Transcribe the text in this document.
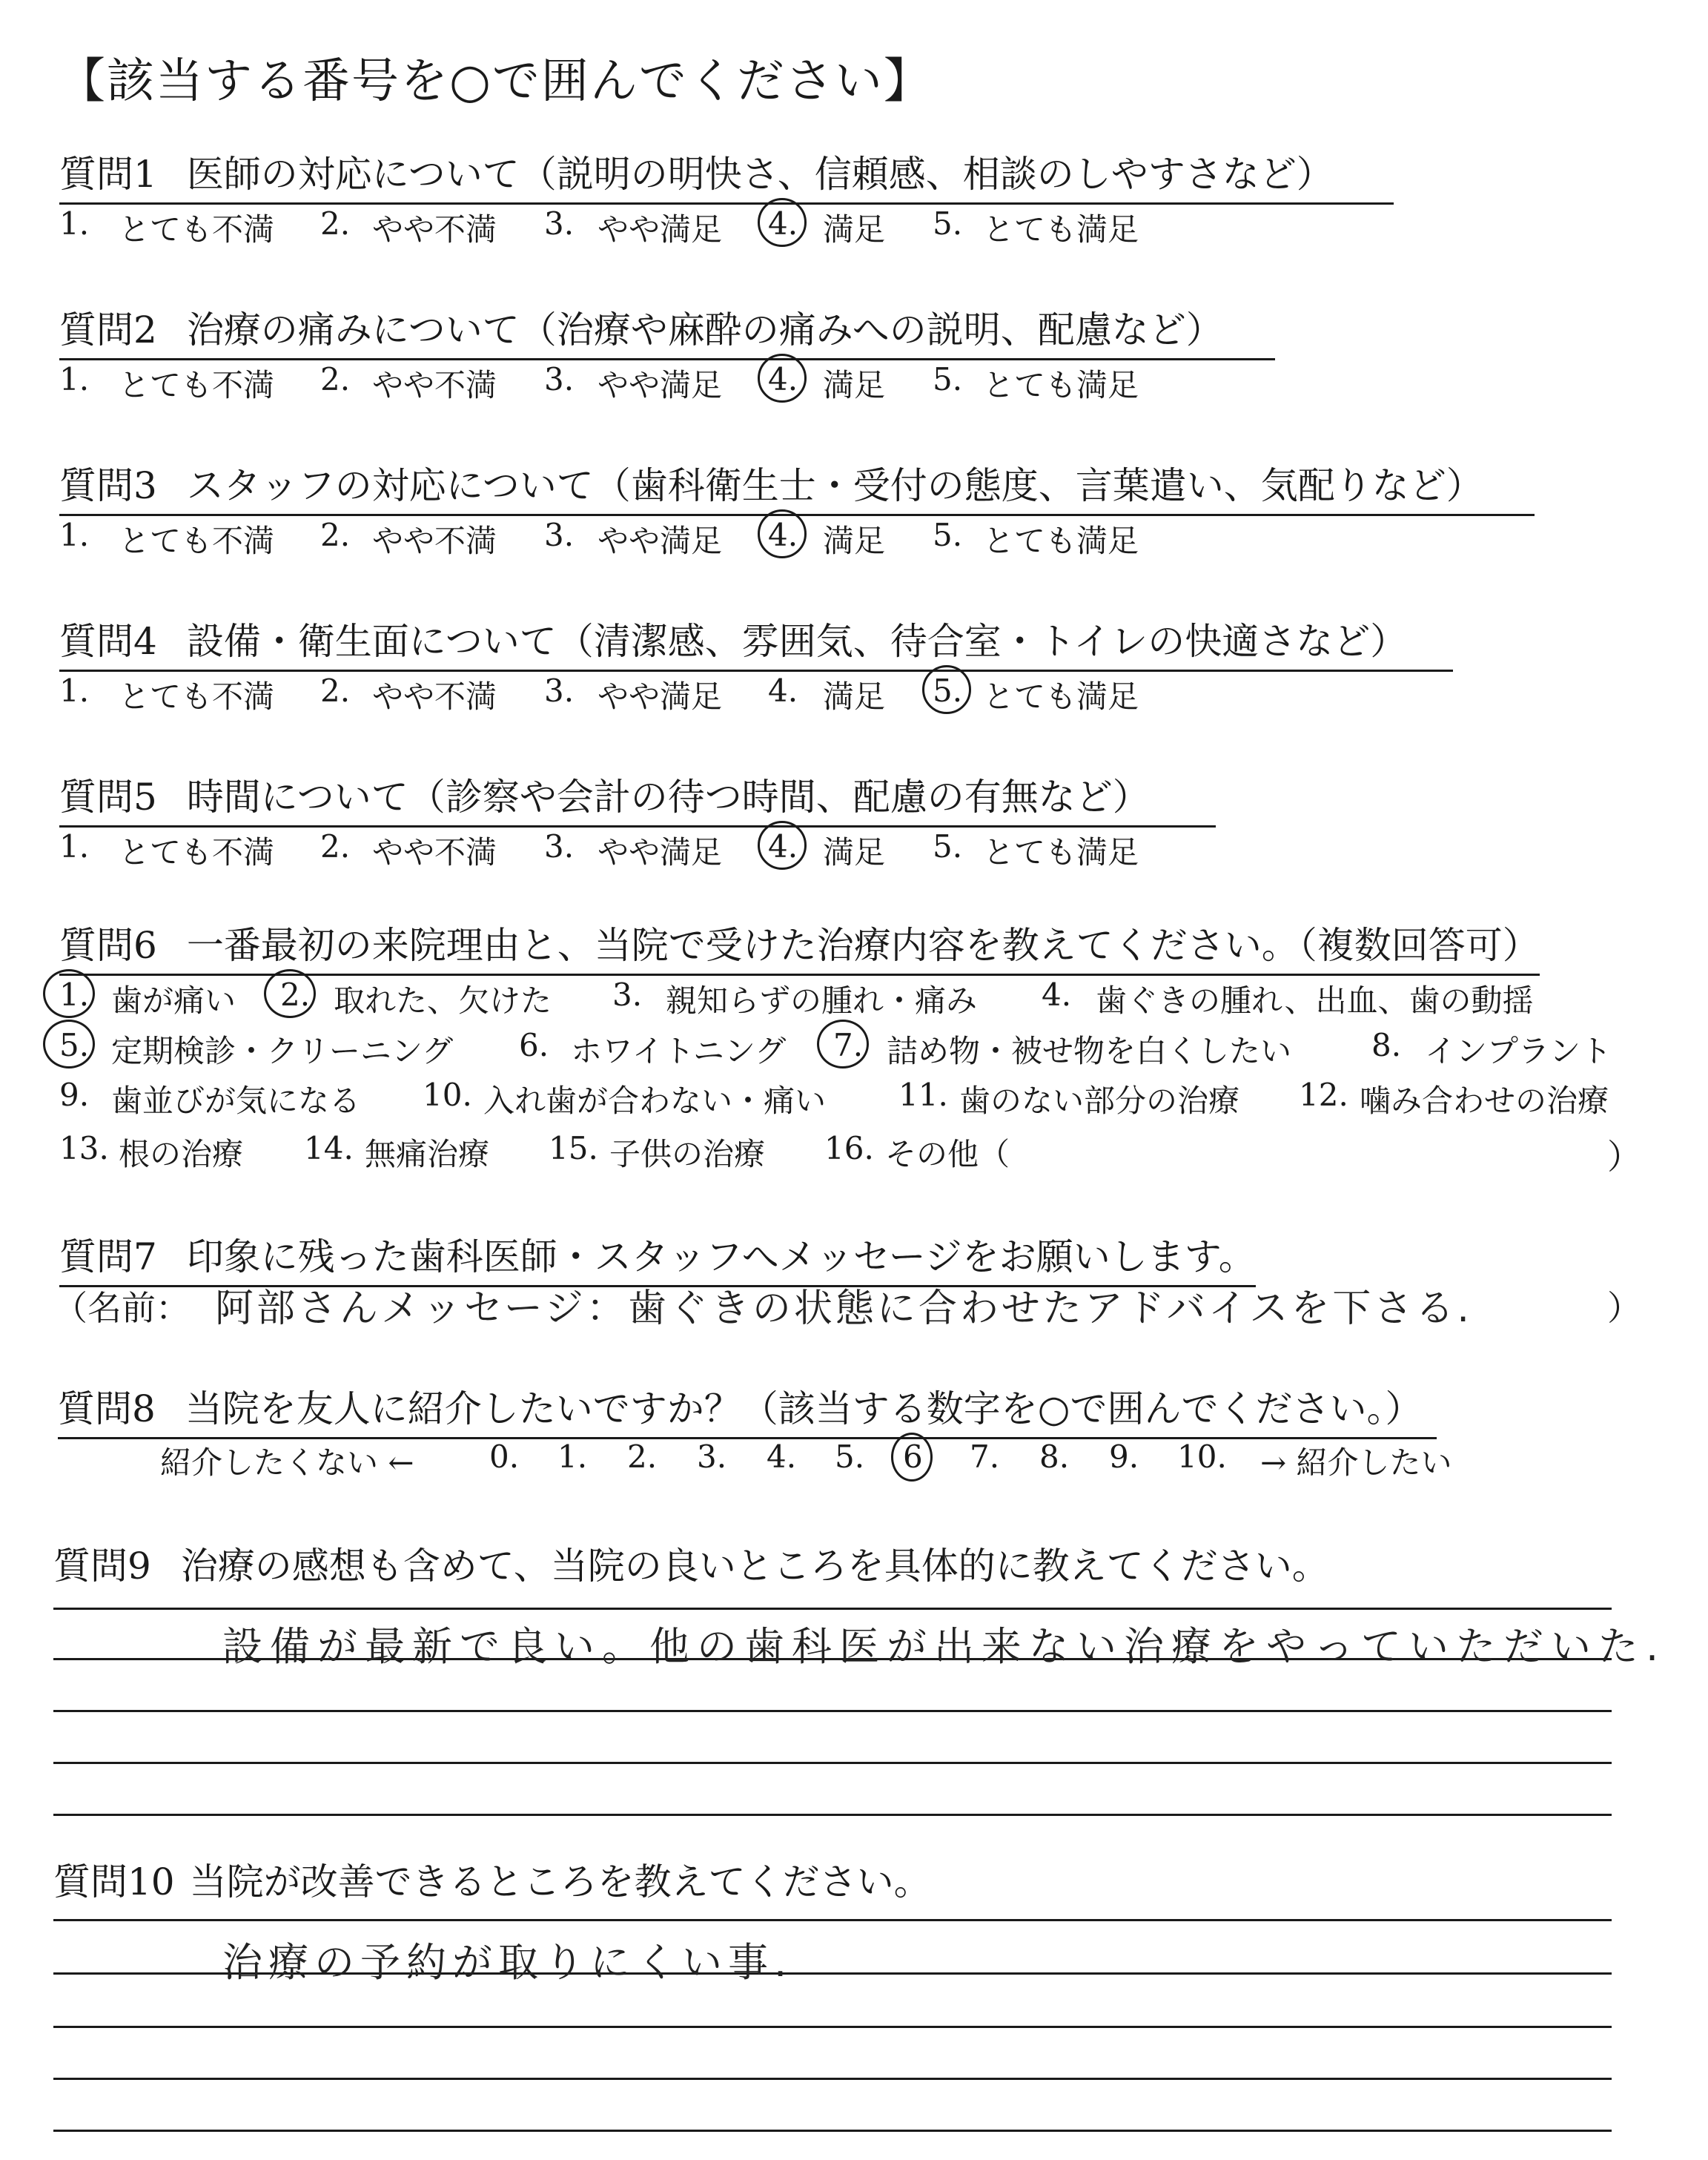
【該当する番号を○で囲んでください】
質問1 医師の対応について（説明の明快さ、信頼感、相談のしやすさなど）
1. とても不満 2. やや不満 3. やや満足 4. 満足 5. とても満足
質問2 治療の痛みについて（治療や麻酔の痛みへの説明、配慮など）
1. とても不満 2. やや不満 3. やや満足 4. 満足 5. とても満足
質問3 スタッフの対応について（歯科衛生士・受付の態度、言葉遣い、気配りなど）
1. とても不満 2. やや不満 3. やや満足 4. 満足 5. とても満足
質問4 設備・衛生面について（清潔感、雰囲気、待合室・トイレの快適さなど）
1. とても不満 2. やや不満 3. やや満足 4. 満足 5. とても満足
質問5 時間について（診察や会計の待つ時間、配慮の有無など）
1. とても不満 2. やや不満 3. やや満足 4. 満足 5. とても満足
質問6 一番最初の来院理由と、当院で受けた治療内容を教えてください。（複数回答可）
1. 歯が痛い 2. 取れた、欠けた 3. 親知らずの腫れ・痛み 4. 歯ぐきの腫れ、出血、歯の動揺
5. 定期検診・クリーニング 6. ホワイトニング 7. 詰め物・被せ物を白くしたい	8. インプラント
9. 歯並びが気になる 10. 入れ歯が合わない・痛い 11. 歯のない部分の治療 12. 噛み合わせの治療
13. 根の治療 14. 無痛治療 15. 子供の治療 16. その他（	）
質問7 印象に残った歯科医師・スタッフへメッセージをお願いします。
（名前： 阿部さんメッセージ：歯ぐきの状態に合わせたアドバイスを下さる.	）
質問8 当院を友人に紹介したいですか？（該当する数字を○で囲んでください。）
紹介したくない ← 0. 1. 2. 3. 4. 5. 6 7. 8. 9. 10. → 紹介したい
質問9 治療の感想も含めて、当院の良いところを具体的に教えてください。
設備が最新で良い。他の歯科医が出来ない治療をやっていただいた.
質問10 当院が改善できるところを教えてください。
治療の予約が取りにくい事.
